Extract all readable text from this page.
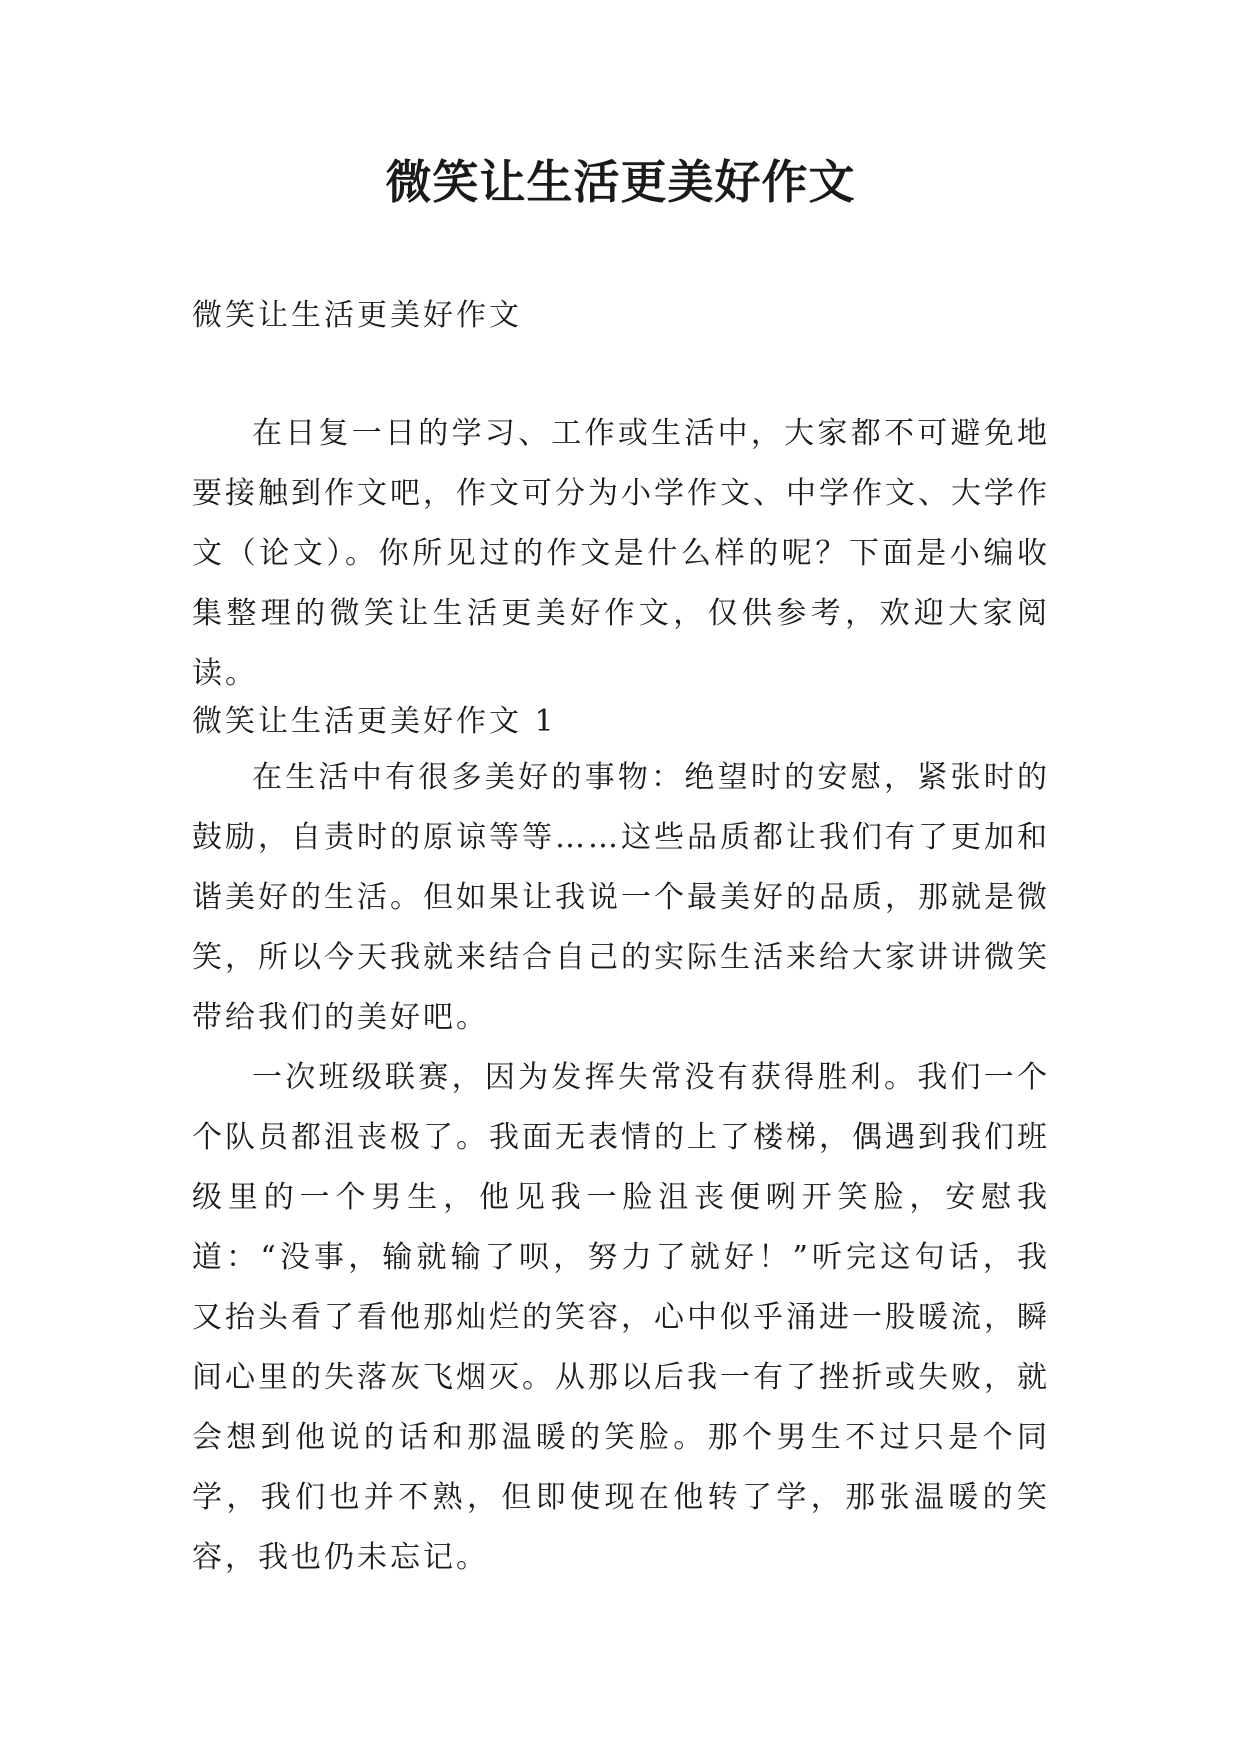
微笑让生活更美好作文
微笑让生活更美好作文

在日复一日的学习、工作或生活中，大家都不可避免地要接触到作文吧，作文可分为小学作文、中学作文、大学作文（论文）。你所见过的作文是什么样的呢？下面是小编收集整理的微笑让生活更美好作文，仅供参考，欢迎大家阅读。

微笑让生活更美好作文 1

在生活中有很多美好的事物：绝望时的安慰，紧张时的鼓励，自责时的原谅等等……这些品质都让我们有了更加和谐美好的生活。但如果让我说一个最美好的品质，那就是微笑，所以今天我就来结合自己的实际生活来给大家讲讲微笑带给我们的美好吧。

一次班级联赛，因为发挥失常没有获得胜利。我们一个个队员都沮丧极了。我面无表情的上了楼梯，偶遇到我们班级里的一个男生，他见我一脸沮丧便咧开笑脸，安慰我道：“没事，输就输了呗，努力了就好！”听完这句话，我又抬头看了看他那灿烂的笑容，心中似乎涌进一股暖流，瞬间心里的失落灰飞烟灭。从那以后我一有了挫折或失败，就会想到他说的话和那温暖的笑脸。那个男生不过只是个同学，我们也并不熟，但即使现在他转了学，那张温暖的笑容，我也仍未忘记。
